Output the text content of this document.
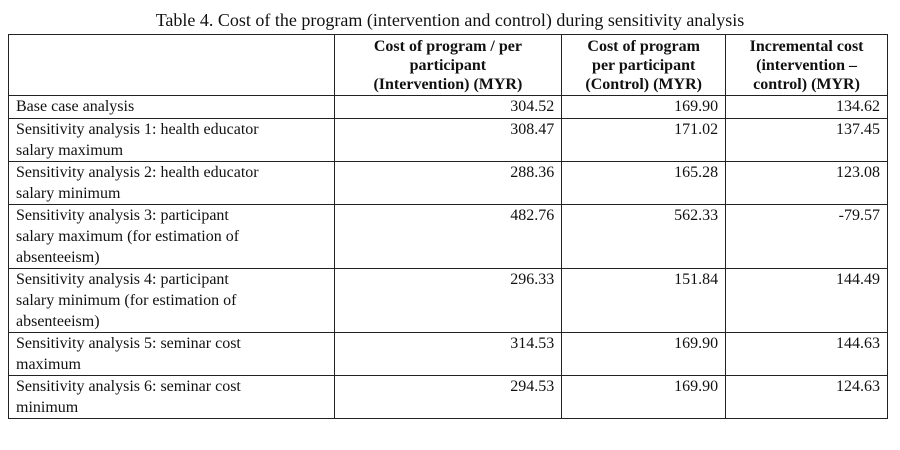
Table 4. Cost of the program (intervention and control) during sensitivity analysis
	Cost of program / per
participant
(Intervention) (MYR)	Cost of program
per participant
(Control) (MYR)	Incremental cost
(intervention –
control) (MYR)
Base case analysis	304.52	169.90	134.62
Sensitivity analysis 1: health educator
salary maximum	308.47	171.02	137.45
Sensitivity analysis 2: health educator
salary minimum	288.36	165.28	123.08
Sensitivity analysis 3: participant
salary maximum (for estimation of
absenteeism)	482.76	562.33	-79.57
Sensitivity analysis 4: participant
salary minimum (for estimation of
absenteeism)	296.33	151.84	144.49
Sensitivity analysis 5: seminar cost
maximum	314.53	169.90	144.63
Sensitivity analysis 6: seminar cost
minimum	294.53	169.90	124.63
